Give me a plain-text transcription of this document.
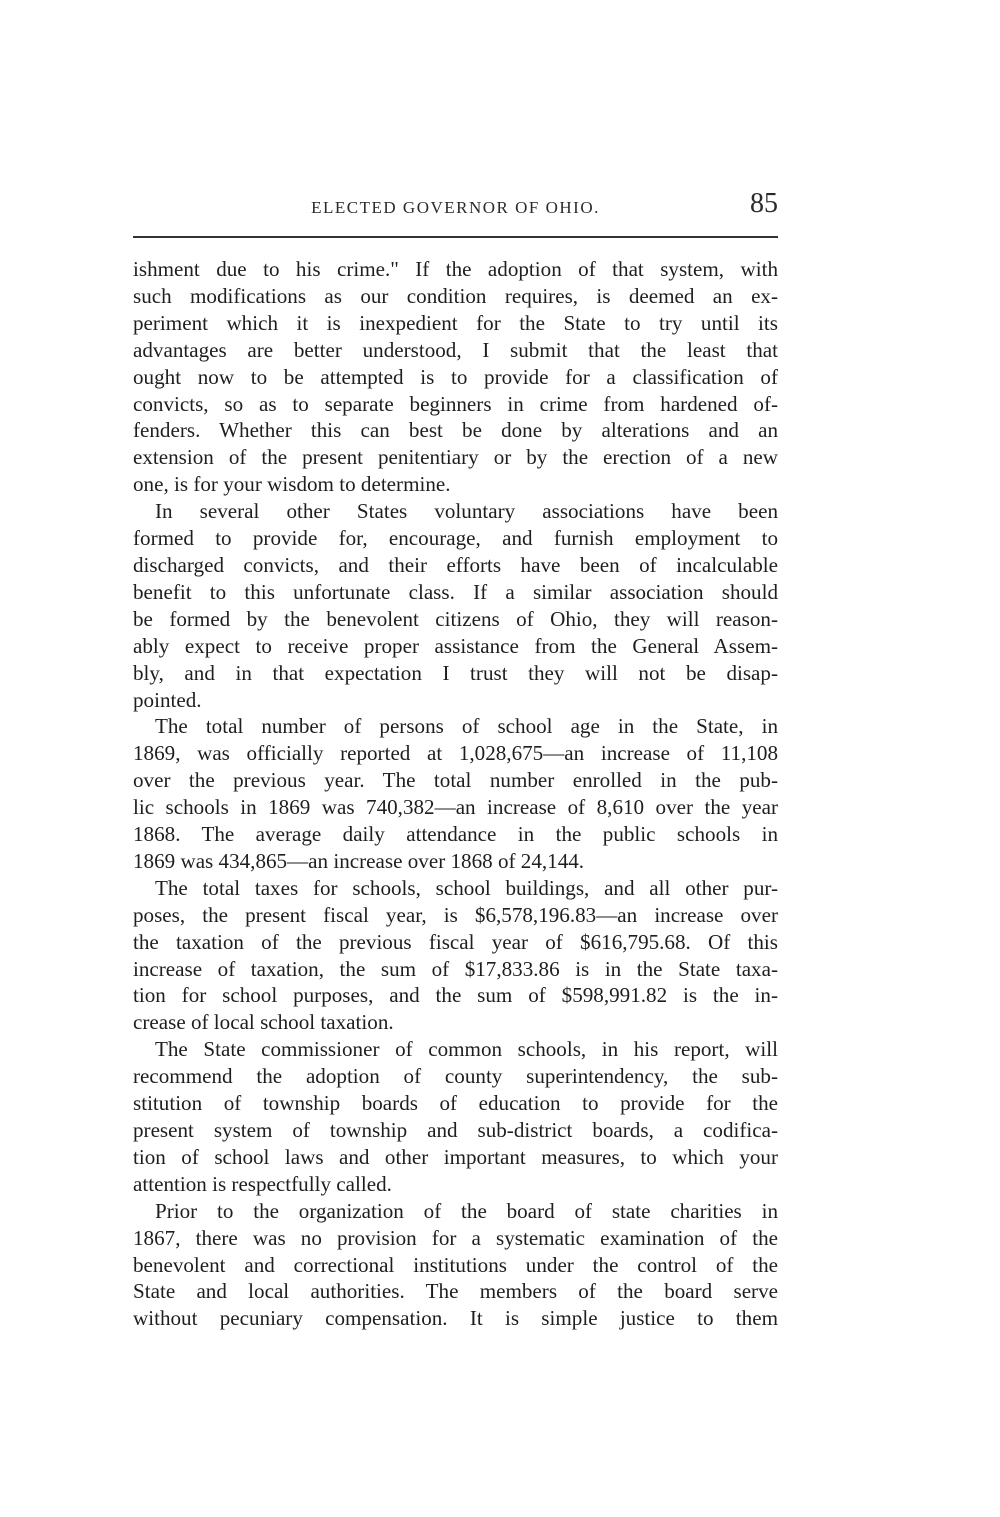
ELECTED GOVERNOR OF OHIO.	85
ishment due to his crime." If the adoption of that system, with
such modifications as our condition requires, is deemed an ex-
periment which it is inexpedient for the State to try until its
advantages are better understood, I submit that the least that
ought now to be attempted is to provide for a classification of
convicts, so as to separate beginners in crime from hardened of-
fenders. Whether this can best be done by alterations and an
extension of the present penitentiary or by the erection of a new
one, is for your wisdom to determine.
In several other States voluntary associations have been
formed to provide for, encourage, and furnish employment to
discharged convicts, and their efforts have been of incalculable
benefit to this unfortunate class. If a similar association should
be formed by the benevolent citizens of Ohio, they will reason-
ably expect to receive proper assistance from the General Assem-
bly, and in that expectation I trust they will not be disap-
pointed.
The total number of persons of school age in the State, in
1869, was officially reported at 1,028,675—an increase of 11,108
over the previous year. The total number enrolled in the pub-
lic schools in 1869 was 740,382—an increase of 8,610 over the year
1868. The average daily attendance in the public schools in
1869 was 434,865—an increase over 1868 of 24,144.
The total taxes for schools, school buildings, and all other pur-
poses, the present fiscal year, is $6,578,196.83—an increase over
the taxation of the previous fiscal year of $616,795.68. Of this
increase of taxation, the sum of $17,833.86 is in the State taxa-
tion for school purposes, and the sum of $598,991.82 is the in-
crease of local school taxation.
The State commissioner of common schools, in his report, will
recommend the adoption of county superintendency, the sub-
stitution of township boards of education to provide for the
present system of township and sub-district boards, a codifica-
tion of school laws and other important measures, to which your
attention is respectfully called.
Prior to the organization of the board of state charities in
1867, there was no provision for a systematic examination of the
benevolent and correctional institutions under the control of the
State and local authorities. The members of the board serve
without pecuniary compensation. It is simple justice to them
